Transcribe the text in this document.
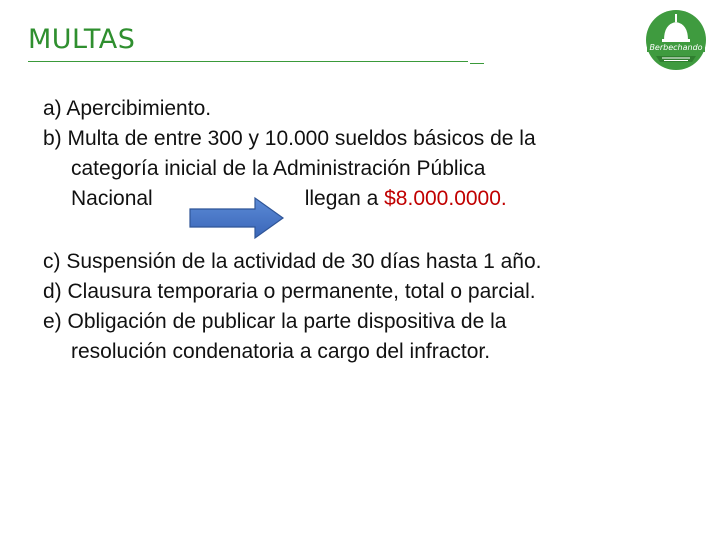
MULTAS	Berbechando
a) Apercibimiento.
b) Multa de entre 300 y 10.000 sueldos básicos de la
categoría inicial de la Administración Pública
Nacional	llegan a $8.000.0000.
c) Suspensión de la actividad de 30 días hasta 1 año.
d) Clausura temporaria o permanente, total o parcial.
e) Obligación de publicar la parte dispositiva de la
resolución condenatoria a cargo del infractor.
